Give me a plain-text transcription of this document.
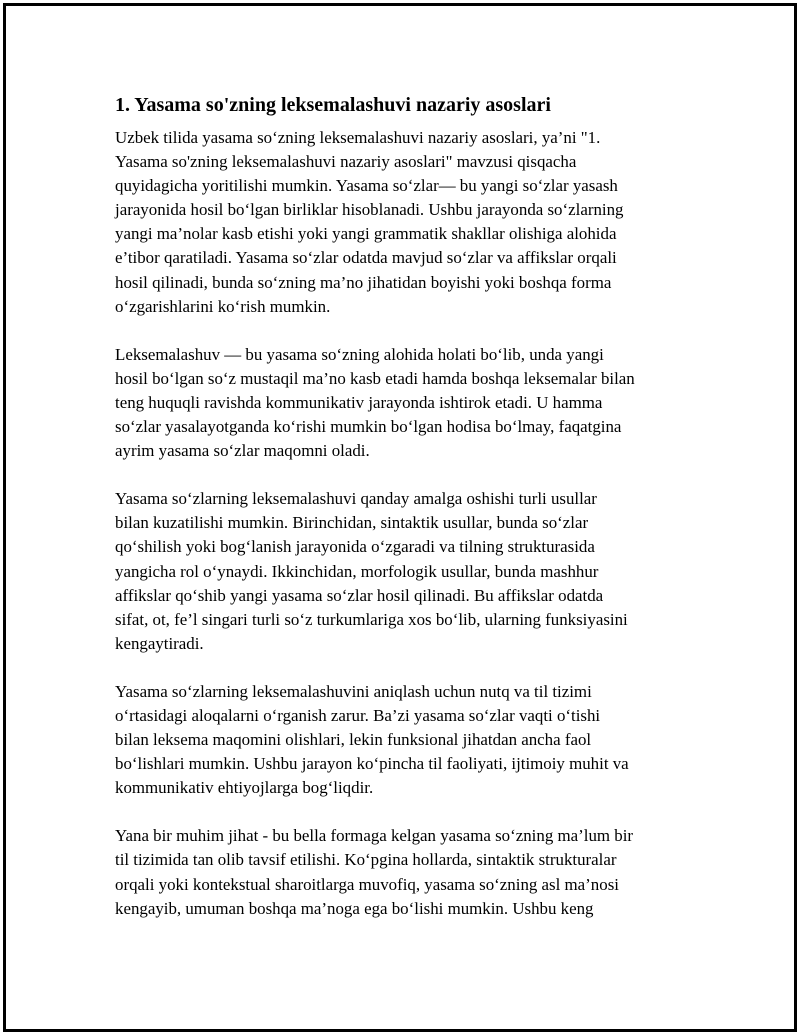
1. Yasama so'zning leksemalashuvi nazariy asoslari
Uzbek tilida yasama so‘zning leksemalashuvi nazariy asoslari, ya’ni "1.
Yasama so'zning leksemalashuvi nazariy asoslari" mavzusi qisqacha
quyidagicha yoritilishi mumkin. Yasama so‘zlar— bu yangi so‘zlar yasash
jarayonida hosil bo‘lgan birliklar hisoblanadi. Ushbu jarayonda so‘zlarning
yangi ma’nolar kasb etishi yoki yangi grammatik shakllar olishiga alohida
e’tibor qaratiladi. Yasama so‘zlar odatda mavjud so‘zlar va affikslar orqali
hosil qilinadi, bunda so‘zning ma’no jihatidan boyishi yoki boshqa forma
o‘zgarishlarini ko‘rish mumkin.
Leksemalashuv — bu yasama so‘zning alohida holati bo‘lib, unda yangi
hosil bo‘lgan so‘z mustaqil ma’no kasb etadi hamda boshqa leksemalar bilan
teng huquqli ravishda kommunikativ jarayonda ishtirok etadi. U hamma
so‘zlar yasalayotganda ko‘rishi mumkin bo‘lgan hodisa bo‘lmay, faqatgina
ayrim yasama so‘zlar maqomni oladi.
Yasama so‘zlarning leksemalashuvi qanday amalga oshishi turli usullar
bilan kuzatilishi mumkin. Birinchidan, sintaktik usullar, bunda so‘zlar
qo‘shilish yoki bog‘lanish jarayonida o‘zgaradi va tilning strukturasida
yangicha rol o‘ynaydi. Ikkinchidan, morfologik usullar, bunda mashhur
affikslar qo‘shib yangi yasama so‘zlar hosil qilinadi. Bu affikslar odatda
sifat, ot, fe’l singari turli so‘z turkumlariga xos bo‘lib, ularning funksiyasini
kengaytiradi.
Yasama so‘zlarning leksemalashuvini aniqlash uchun nutq va til tizimi
o‘rtasidagi aloqalarni o‘rganish zarur. Ba’zi yasama so‘zlar vaqti o‘tishi
bilan leksema maqomini olishlari, lekin funksional jihatdan ancha faol
bo‘lishlari mumkin. Ushbu jarayon ko‘pincha til faoliyati, ijtimoiy muhit va
kommunikativ ehtiyojlarga bog‘liqdir.
Yana bir muhim jihat - bu bella formaga kelgan yasama so‘zning ma’lum bir
til tizimida tan olib tavsif etilishi. Ko‘pgina hollarda, sintaktik strukturalar
orqali yoki kontekstual sharoitlarga muvofiq, yasama so‘zning asl ma’nosi
kengayib, umuman boshqa ma’noga ega bo‘lishi mumkin. Ushbu keng
